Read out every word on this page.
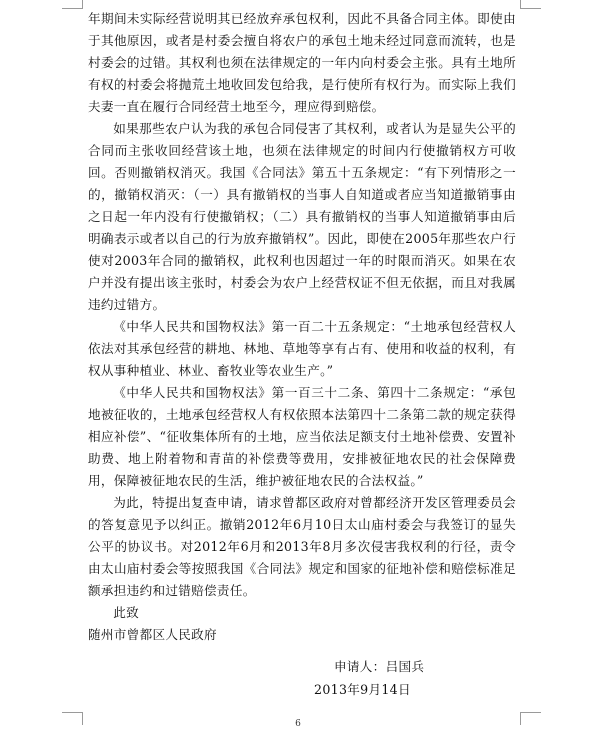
年期间未实际经营说明其已经放弃承包权利，因此不具备合同主体。即使由于其他原因，或者是村委会擅自将农户的承包土地未经过同意而流转，也是村委会的过错。其权利也须在法律规定的一年内向村委会主张。具有土地所有权的村委会将抛荒土地收回发包给我，是行使所有权行为。而实际上我们夫妻一直在履行合同经营土地至今，理应得到赔偿。

如果那些农户认为我的承包合同侵害了其权利，或者认为是显失公平的合同而主张收回经营该土地，也须在法律规定的时间内行使撤销权方可收回。否则撤销权消灭。我国《合同法》第五十五条规定：“有下列情形之一的，撤销权消灭：（一）具有撤销权的当事人自知道或者应当知道撤销事由之日起一年内没有行使撤销权；（二）具有撤销权的当事人知道撤销事由后明确表示或者以自己的行为放弃撤销权”。因此，即使在2005年那些农户行使对2003年合同的撤销权，此权利也因超过一年的时限而消灭。如果在农户并没有提出该主张时，村委会为农户上经营权证不但无依据，而且对我属违约过错方。

《中华人民共和国物权法》第一百二十五条规定：“土地承包经营权人依法对其承包经营的耕地、林地、草地等享有占有、使用和收益的权利，有权从事种植业、林业、畜牧业等农业生产。”

《中华人民共和国物权法》第一百三十二条、第四十二条规定：“承包地被征收的，土地承包经营权人有权依照本法第四十二条第二款的规定获得相应补偿”、“征收集体所有的土地，应当依法足额支付土地补偿费、安置补助费、地上附着物和青苗的补偿费等费用，安排被征地农民的社会保障费用，保障被征地农民的生活，维护被征地农民的合法权益。”

为此，特提出复查申请，请求曾都区政府对曾都经济开发区管理委员会的答复意见予以纠正。撤销2012年6月10日太山庙村委会与我签订的显失公平的协议书。对2012年6月和2013年8月多次侵害我权利的行径，责令由太山庙村委会等按照我国《合同法》规定和国家的征地补偿和赔偿标准足额承担违约和过错赔偿责任。

此致

随州市曾都区人民政府

申请人：吕国兵
2013年9月14日
6
